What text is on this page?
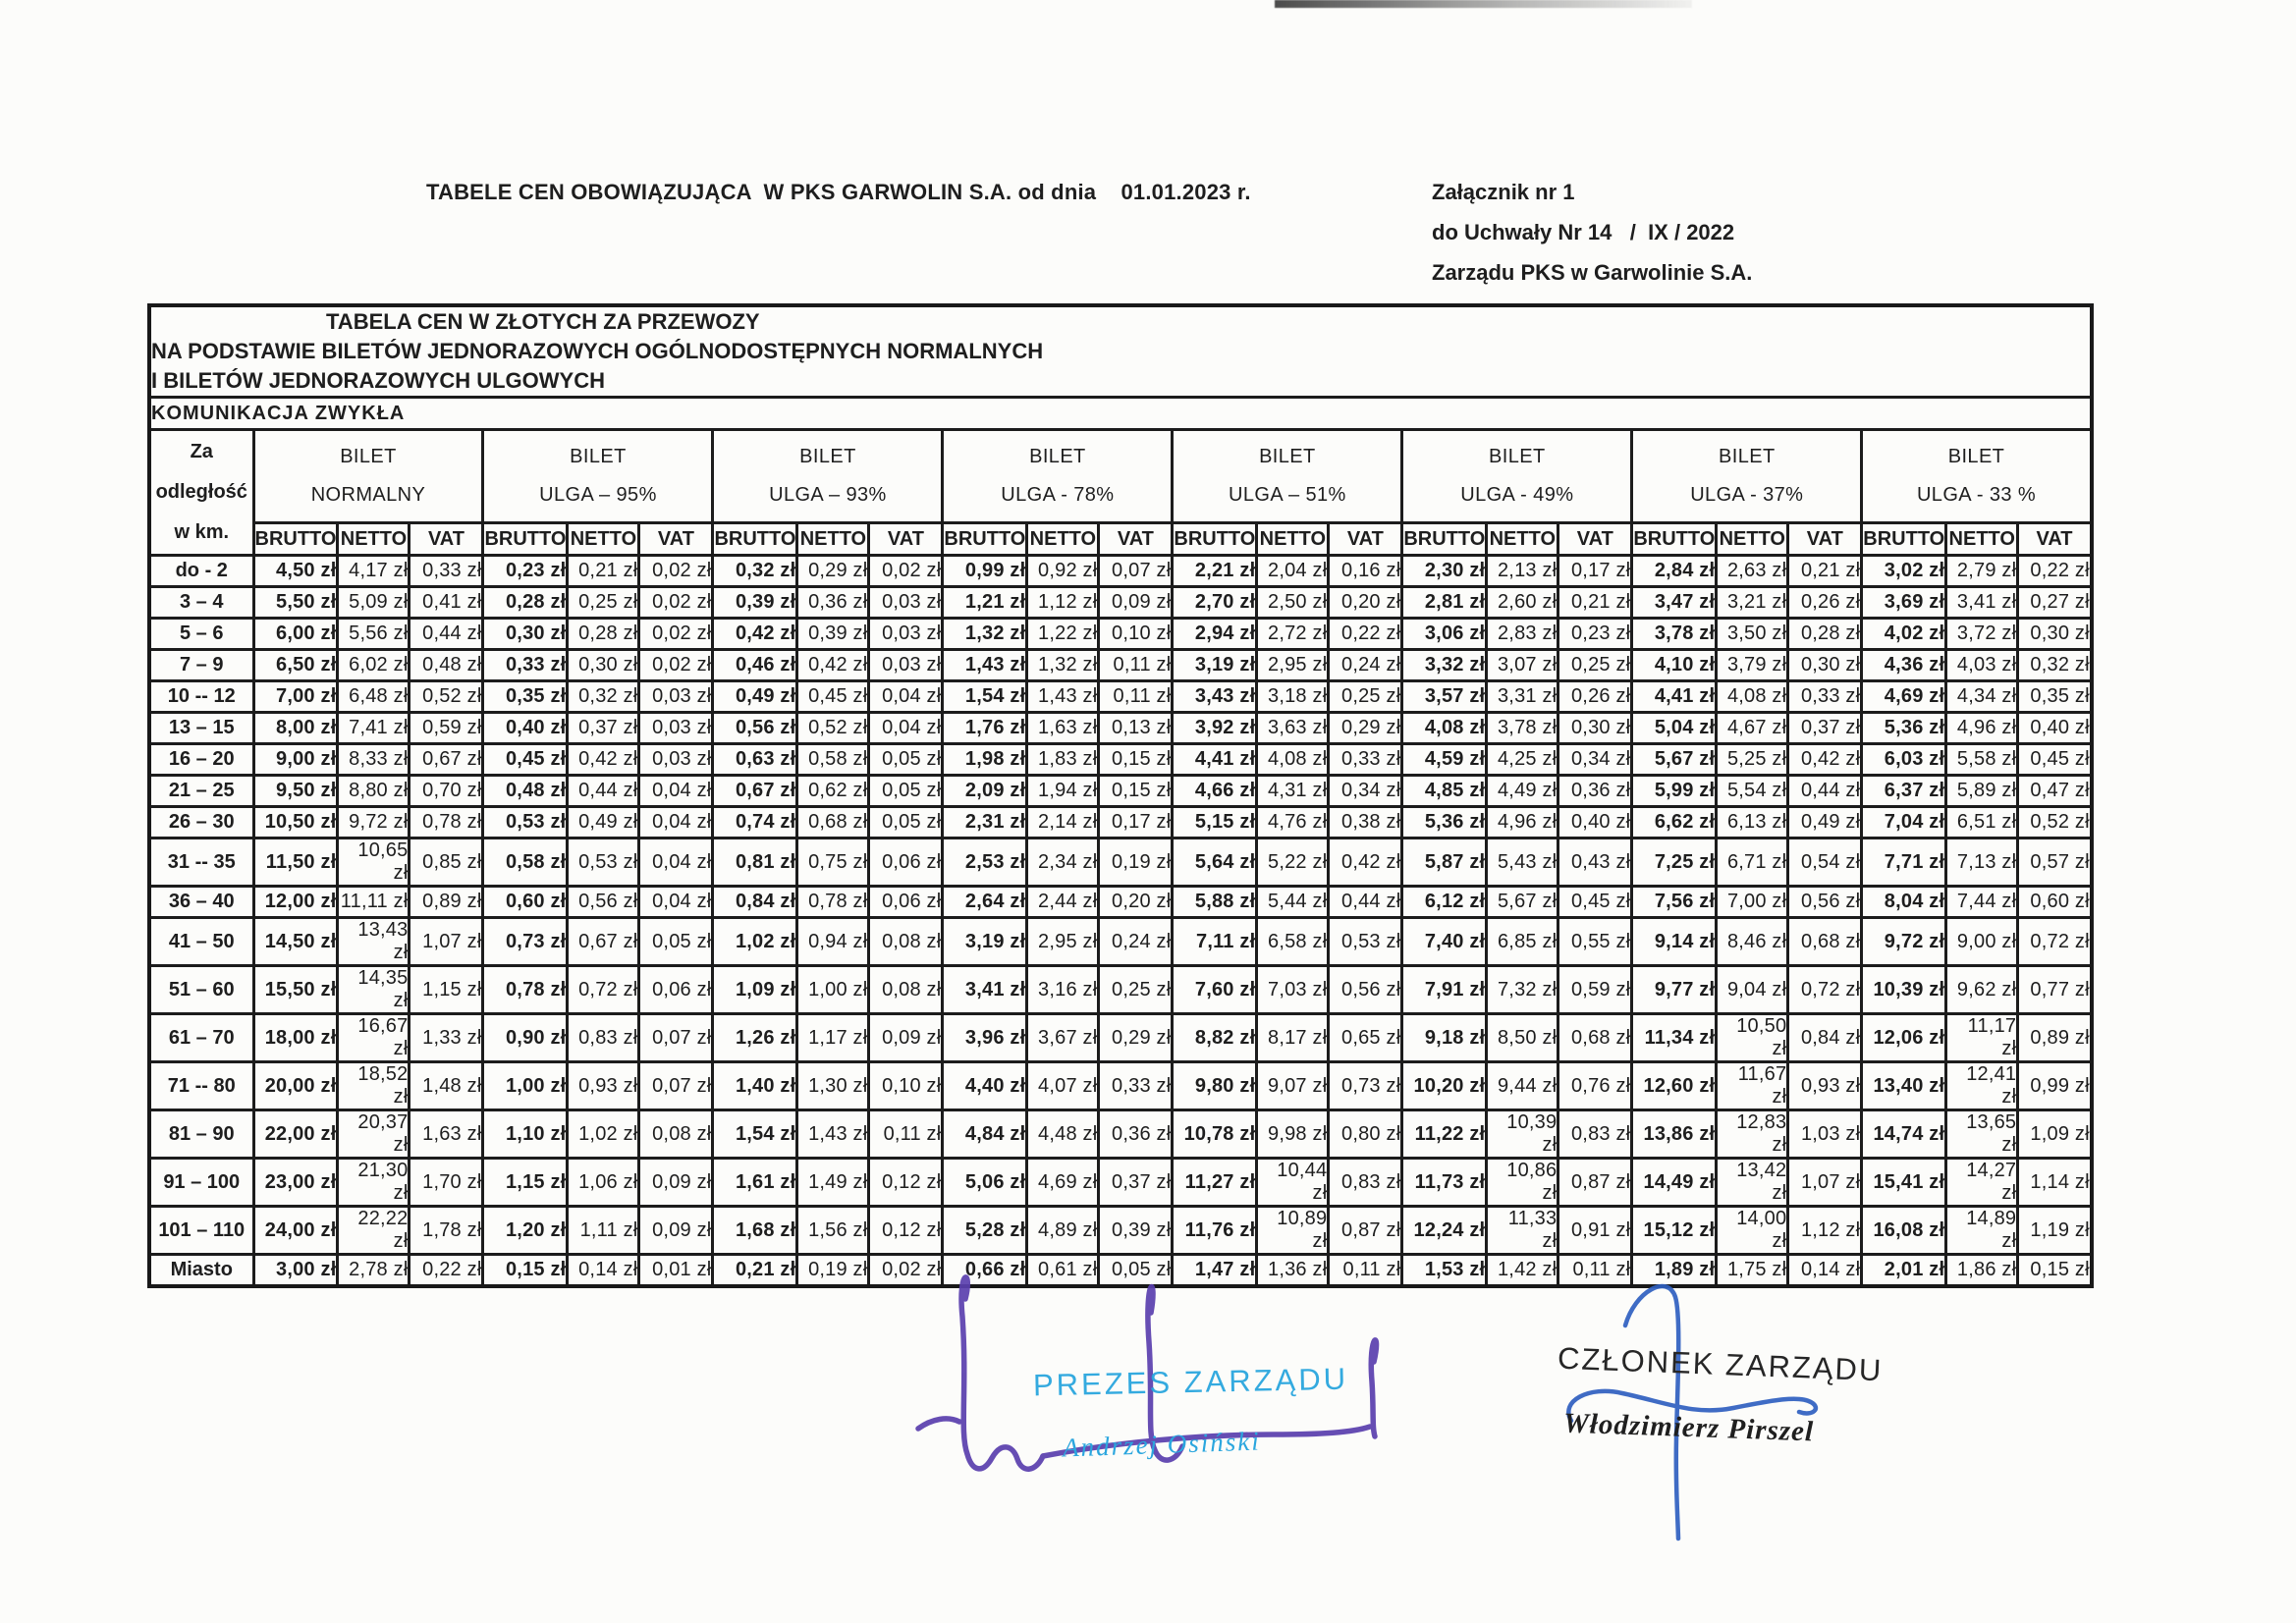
TABELE CEN OBOWIĄZUJĄCA  W PKS GARWOLIN S.A. od dnia    01.01.2023 r.	Załącznik nr 1
do Uchwały Nr 14   /  IX / 2022
Zarządu PKS w Garwolinie S.A.
TABELA CEN W ZŁOTYCH ZA PRZEWOZY
NA PODSTAWIE BILETÓW JEDNORAZOWYCH OGÓLNODOSTĘPNYCH NORMALNYCH
I BILETÓW JEDNORAZOWYCH ULGOWYCH																								

KOMUNIKACJA ZWYKŁA																								

Za
odległość
w km.

BILET
NORMALNY

BILET
ULGA – 95%

BILET
ULGA – 93%

BILET
ULGA - 78%

BILET
ULGA – 51%

BILET
ULGA - 49%

BILET
ULGA - 37%

BILET
ULGA - 33 %

	BRUTTO	NETTO	VAT	BRUTTO	NETTO	VAT	BRUTTO	NETTO	VAT	BRUTTO	NETTO	VAT	BRUTTO	NETTO	VAT	BRUTTO	NETTO	VAT	BRUTTO	NETTO	VAT	BRUTTO	NETTO	VAT
do - 2	4,50 zł	4,17 zł	0,33 zł	0,23 zł	0,21 zł	0,02 zł	0,32 zł	0,29 zł	0,02 zł	0,99 zł	0,92 zł	0,07 zł	2,21 zł	2,04 zł	0,16 zł	2,30 zł	2,13 zł	0,17 zł	2,84 zł	2,63 zł	0,21 zł	3,02 zł	2,79 zł	0,22 zł
3 – 4	5,50 zł	5,09 zł	0,41 zł	0,28 zł	0,25 zł	0,02 zł	0,39 zł	0,36 zł	0,03 zł	1,21 zł	1,12 zł	0,09 zł	2,70 zł	2,50 zł	0,20 zł	2,81 zł	2,60 zł	0,21 zł	3,47 zł	3,21 zł	0,26 zł	3,69 zł	3,41 zł	0,27 zł
5 – 6	6,00 zł	5,56 zł	0,44 zł	0,30 zł	0,28 zł	0,02 zł	0,42 zł	0,39 zł	0,03 zł	1,32 zł	1,22 zł	0,10 zł	2,94 zł	2,72 zł	0,22 zł	3,06 zł	2,83 zł	0,23 zł	3,78 zł	3,50 zł	0,28 zł	4,02 zł	3,72 zł	0,30 zł
7 – 9	6,50 zł	6,02 zł	0,48 zł	0,33 zł	0,30 zł	0,02 zł	0,46 zł	0,42 zł	0,03 zł	1,43 zł	1,32 zł	0,11 zł	3,19 zł	2,95 zł	0,24 zł	3,32 zł	3,07 zł	0,25 zł	4,10 zł	3,79 zł	0,30 zł	4,36 zł	4,03 zł	0,32 zł
10 -- 12	7,00 zł	6,48 zł	0,52 zł	0,35 zł	0,32 zł	0,03 zł	0,49 zł	0,45 zł	0,04 zł	1,54 zł	1,43 zł	0,11 zł	3,43 zł	3,18 zł	0,25 zł	3,57 zł	3,31 zł	0,26 zł	4,41 zł	4,08 zł	0,33 zł	4,69 zł	4,34 zł	0,35 zł
13 – 15	8,00 zł	7,41 zł	0,59 zł	0,40 zł	0,37 zł	0,03 zł	0,56 zł	0,52 zł	0,04 zł	1,76 zł	1,63 zł	0,13 zł	3,92 zł	3,63 zł	0,29 zł	4,08 zł	3,78 zł	0,30 zł	5,04 zł	4,67 zł	0,37 zł	5,36 zł	4,96 zł	0,40 zł
16 – 20	9,00 zł	8,33 zł	0,67 zł	0,45 zł	0,42 zł	0,03 zł	0,63 zł	0,58 zł	0,05 zł	1,98 zł	1,83 zł	0,15 zł	4,41 zł	4,08 zł	0,33 zł	4,59 zł	4,25 zł	0,34 zł	5,67 zł	5,25 zł	0,42 zł	6,03 zł	5,58 zł	0,45 zł
21 – 25	9,50 zł	8,80 zł	0,70 zł	0,48 zł	0,44 zł	0,04 zł	0,67 zł	0,62 zł	0,05 zł	2,09 zł	1,94 zł	0,15 zł	4,66 zł	4,31 zł	0,34 zł	4,85 zł	4,49 zł	0,36 zł	5,99 zł	5,54 zł	0,44 zł	6,37 zł	5,89 zł	0,47 zł
26 – 30	10,50 zł	9,72 zł	0,78 zł	0,53 zł	0,49 zł	0,04 zł	0,74 zł	0,68 zł	0,05 zł	2,31 zł	2,14 zł	0,17 zł	5,15 zł	4,76 zł	0,38 zł	5,36 zł	4,96 zł	0,40 zł	6,62 zł	6,13 zł	0,49 zł	7,04 zł	6,51 zł	0,52 zł
31 -- 35	11,50 zł	10,65 zł	0,85 zł	0,58 zł	0,53 zł	0,04 zł	0,81 zł	0,75 zł	0,06 zł	2,53 zł	2,34 zł	0,19 zł	5,64 zł	5,22 zł	0,42 zł	5,87 zł	5,43 zł	0,43 zł	7,25 zł	6,71 zł	0,54 zł	7,71 zł	7,13 zł	0,57 zł
36 – 40	12,00 zł	11,11 zł	0,89 zł	0,60 zł	0,56 zł	0,04 zł	0,84 zł	0,78 zł	0,06 zł	2,64 zł	2,44 zł	0,20 zł	5,88 zł	5,44 zł	0,44 zł	6,12 zł	5,67 zł	0,45 zł	7,56 zł	7,00 zł	0,56 zł	8,04 zł	7,44 zł	0,60 zł
41 – 50	14,50 zł	13,43 zł	1,07 zł	0,73 zł	0,67 zł	0,05 zł	1,02 zł	0,94 zł	0,08 zł	3,19 zł	2,95 zł	0,24 zł	7,11 zł	6,58 zł	0,53 zł	7,40 zł	6,85 zł	0,55 zł	9,14 zł	8,46 zł	0,68 zł	9,72 zł	9,00 zł	0,72 zł
51 – 60	15,50 zł	14,35 zł	1,15 zł	0,78 zł	0,72 zł	0,06 zł	1,09 zł	1,00 zł	0,08 zł	3,41 zł	3,16 zł	0,25 zł	7,60 zł	7,03 zł	0,56 zł	7,91 zł	7,32 zł	0,59 zł	9,77 zł	9,04 zł	0,72 zł	10,39 zł	9,62 zł	0,77 zł
61 – 70	18,00 zł	16,67 zł	1,33 zł	0,90 zł	0,83 zł	0,07 zł	1,26 zł	1,17 zł	0,09 zł	3,96 zł	3,67 zł	0,29 zł	8,82 zł	8,17 zł	0,65 zł	9,18 zł	8,50 zł	0,68 zł	11,34 zł	10,50 zł	0,84 zł	12,06 zł	11,17 zł	0,89 zł
71 -- 80	20,00 zł	18,52 zł	1,48 zł	1,00 zł	0,93 zł	0,07 zł	1,40 zł	1,30 zł	0,10 zł	4,40 zł	4,07 zł	0,33 zł	9,80 zł	9,07 zł	0,73 zł	10,20 zł	9,44 zł	0,76 zł	12,60 zł	11,67 zł	0,93 zł	13,40 zł	12,41 zł	0,99 zł
81 – 90	22,00 zł	20,37 zł	1,63 zł	1,10 zł	1,02 zł	0,08 zł	1,54 zł	1,43 zł	0,11 zł	4,84 zł	4,48 zł	0,36 zł	10,78 zł	9,98 zł	0,80 zł	11,22 zł	10,39 zł	0,83 zł	13,86 zł	12,83 zł	1,03 zł	14,74 zł	13,65 zł	1,09 zł
91 – 100	23,00 zł	21,30 zł	1,70 zł	1,15 zł	1,06 zł	0,09 zł	1,61 zł	1,49 zł	0,12 zł	5,06 zł	4,69 zł	0,37 zł	11,27 zł	10,44 zł	0,83 zł	11,73 zł	10,86 zł	0,87 zł	14,49 zł	13,42 zł	1,07 zł	15,41 zł	14,27 zł	1,14 zł
101 – 110	24,00 zł	22,22 zł	1,78 zł	1,20 zł	1,11 zł	0,09 zł	1,68 zł	1,56 zł	0,12 zł	5,28 zł	4,89 zł	0,39 zł	11,76 zł	10,89 zł	0,87 zł	12,24 zł	11,33 zł	0,91 zł	15,12 zł	14,00 zł	1,12 zł	16,08 zł	14,89 zł	1,19 zł
Miasto	3,00 zł	2,78 zł	0,22 zł	0,15 zł	0,14 zł	0,01 zł	0,21 zł	0,19 zł	0,02 zł	0,66 zł	0,61 zł	0,05 zł	1,47 zł	1,36 zł	0,11 zł	1,53 zł	1,42 zł	0,11 zł	1,89 zł	1,75 zł	0,14 zł	2,01 zł	1,86 zł	0,15 zł
PREZES ZARZĄDU
Andrzej Osiński
CZŁONEK ZARZĄDU
Włodzimierz Pirszel
